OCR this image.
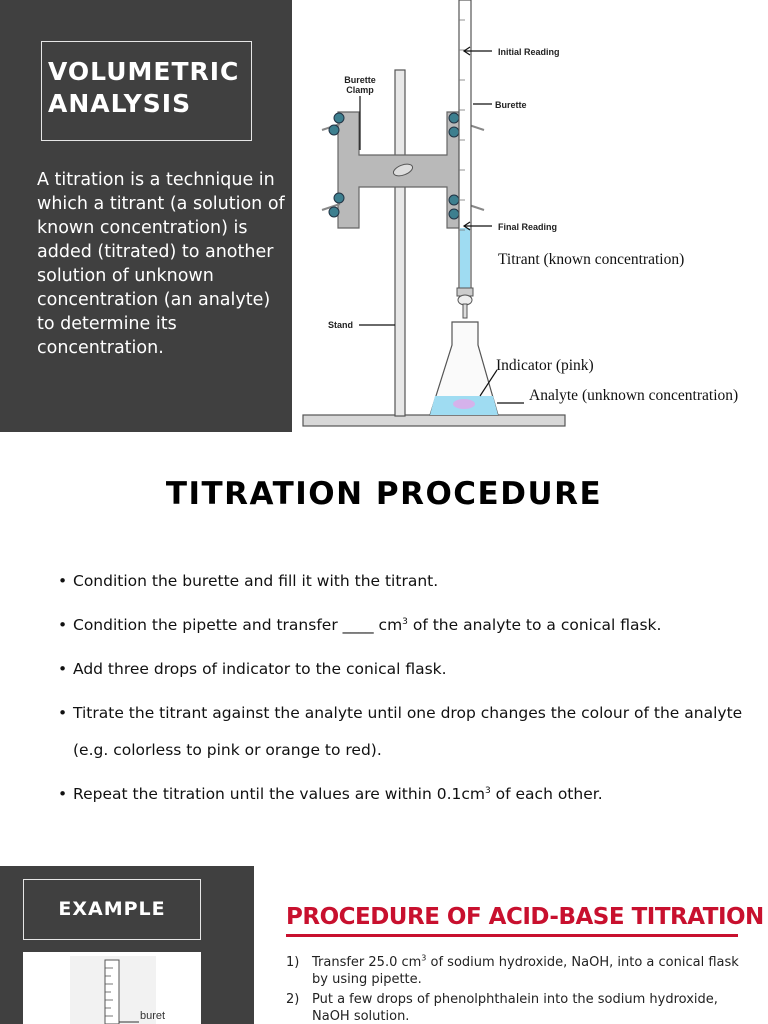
VOLUMETRIC ANALYSIS

A titration is a technique in which a titrant (a solution of known concentration) is added (titrated) to another solution of unknown concentration (an analyte) to determine its concentration.

Initial Reading
Burette
Clamp
Burette
Final Reading
Titrant (known concentration)
Stand
Indicator (pink)
Analyte (unknown concentration)
TITRATION PROCEDURE
• Condition the burette and fill it with the titrant.
• Condition the pipette and transfer ____ $cm^3$ of the analyte to a conical flask.
• Add three drops of indicator to the conical flask.
• Titrate the titrant against the analyte until one drop changes the colour of the analyte (e.g. colorless to pink or orange to red).
• Repeat the titration until the values are within $0.1cm^3$ of each other.
EXAMPLE
buret
PROCEDURE OF ACID-BASE TITRATION
1) Transfer 25.0 $cm^3$ of sodium hydroxide, NaOH, into a conical flask by using pipette.
2) Put a few drops of phenolphthalein into the sodium hydroxide, NaOH solution.
